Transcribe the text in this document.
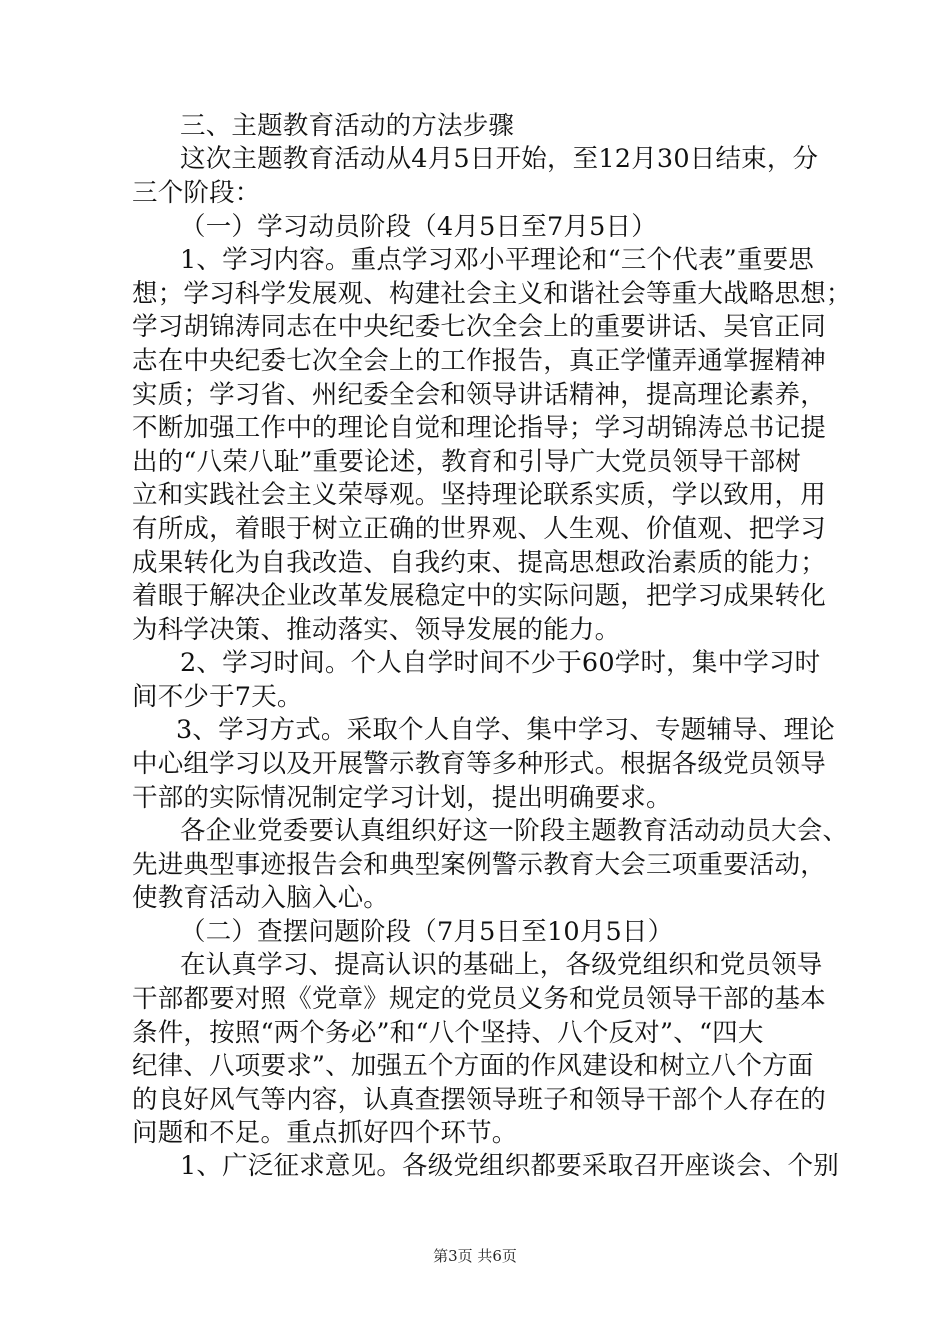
三、主题教育活动的方法步骤
这次主题教育活动从4月5日开始，至12月30日结束，分
三个阶段：
（一）学习动员阶段（4月5日至7月5日）
1、学习内容。重点学习邓小平理论和“三个代表”重要思
想；学习科学发展观、构建社会主义和谐社会等重大战略思想；
学习胡锦涛同志在中央纪委七次全会上的重要讲话、吴官正同
志在中央纪委七次全会上的工作报告，真正学懂弄通掌握精神
实质；学习省、州纪委全会和领导讲话精神，提高理论素养，
不断加强工作中的理论自觉和理论指导；学习胡锦涛总书记提
出的“八荣八耻”重要论述，教育和引导广大党员领导干部树
立和实践社会主义荣辱观。坚持理论联系实质，学以致用，用
有所成，着眼于树立正确的世界观、人生观、价值观、把学习
成果转化为自我改造、自我约束、提高思想政治素质的能力；
着眼于解决企业改革发展稳定中的实际问题，把学习成果转化
为科学决策、推动落实、领导发展的能力。
2、学习时间。个人自学时间不少于60学时，集中学习时
间不少于7天。
3、学习方式。采取个人自学、集中学习、专题辅导、理论
中心组学习以及开展警示教育等多种形式。根据各级党员领导
干部的实际情况制定学习计划，提出明确要求。
各企业党委要认真组织好这一阶段主题教育活动动员大会、
先进典型事迹报告会和典型案例警示教育大会三项重要活动，
使教育活动入脑入心。
（二）查摆问题阶段（7月5日至10月5日）
在认真学习、提高认识的基础上，各级党组织和党员领导
干部都要对照《党章》规定的党员义务和党员领导干部的基本
条件，按照“两个务必”和“八个坚持、八个反对”、“四大
纪律、八项要求”、加强五个方面的作风建设和树立八个方面
的良好风气等内容，认真查摆领导班子和领导干部个人存在的
问题和不足。重点抓好四个环节。
1、广泛征求意见。各级党组织都要采取召开座谈会、个别
第3页 共6页
